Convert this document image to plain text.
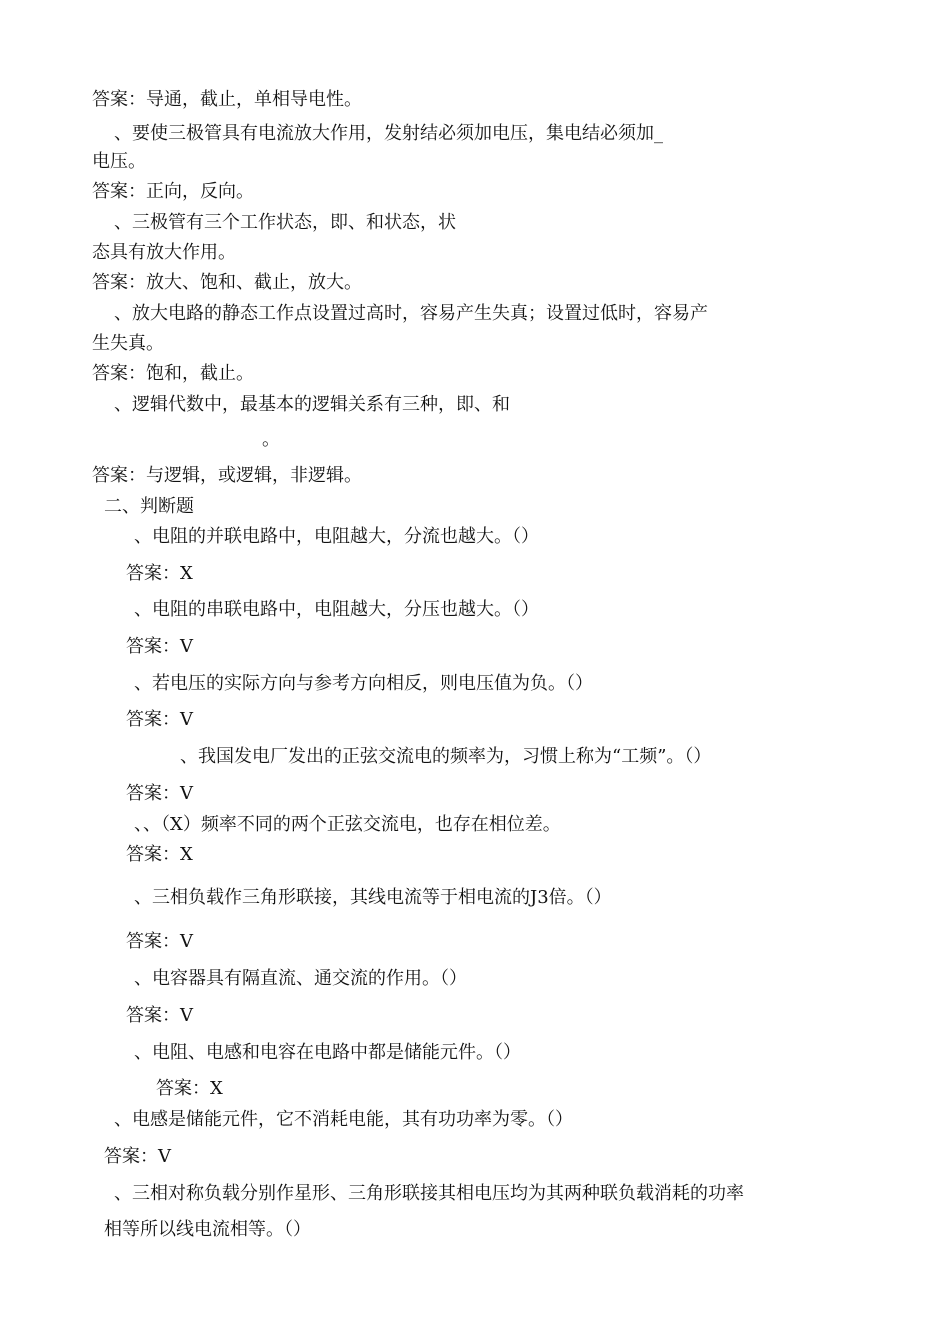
答案：导通，截止，单相导电性。
、要使三极管具有电流放大作用，发射结必须加电压，集电结必须加_
电压。
答案：正向，反向。
、三极管有三个工作状态，即、和状态，状
态具有放大作用。
答案：放大、饱和、截止，放大。
、放大电路的静态工作点设置过高时，容易产生失真；设置过低时，容易产
生失真。
答案：饱和，截止。
、逻辑代数中，最基本的逻辑关系有三种，即、和
。
答案：与逻辑，或逻辑，非逻辑。
二、判断题
、电阻的并联电路中，电阻越大，分流也越大。（）
答案：X
、电阻的串联电路中，电阻越大，分压也越大。（）
答案：V
、若电压的实际方向与参考方向相反，则电压值为负。（）
答案：V
、我国发电厂发出的正弦交流电的频率为，习惯上称为“工频”。（）
答案：V
、、（X）频率不同的两个正弦交流电，也存在相位差。
答案：X
、三相负载作三角形联接，其线电流等于相电流的J3倍。（）
答案：V
、电容器具有隔直流、通交流的作用。（）
答案：V
、电阻、电感和电容在电路中都是储能元件。（）
答案：X
、电感是储能元件，它不消耗电能，其有功功率为零。（）
答案：V
、三相对称负载分别作星形、三角形联接其相电压均为其两种联负载消耗的功率
相等所以线电流相等。（）
